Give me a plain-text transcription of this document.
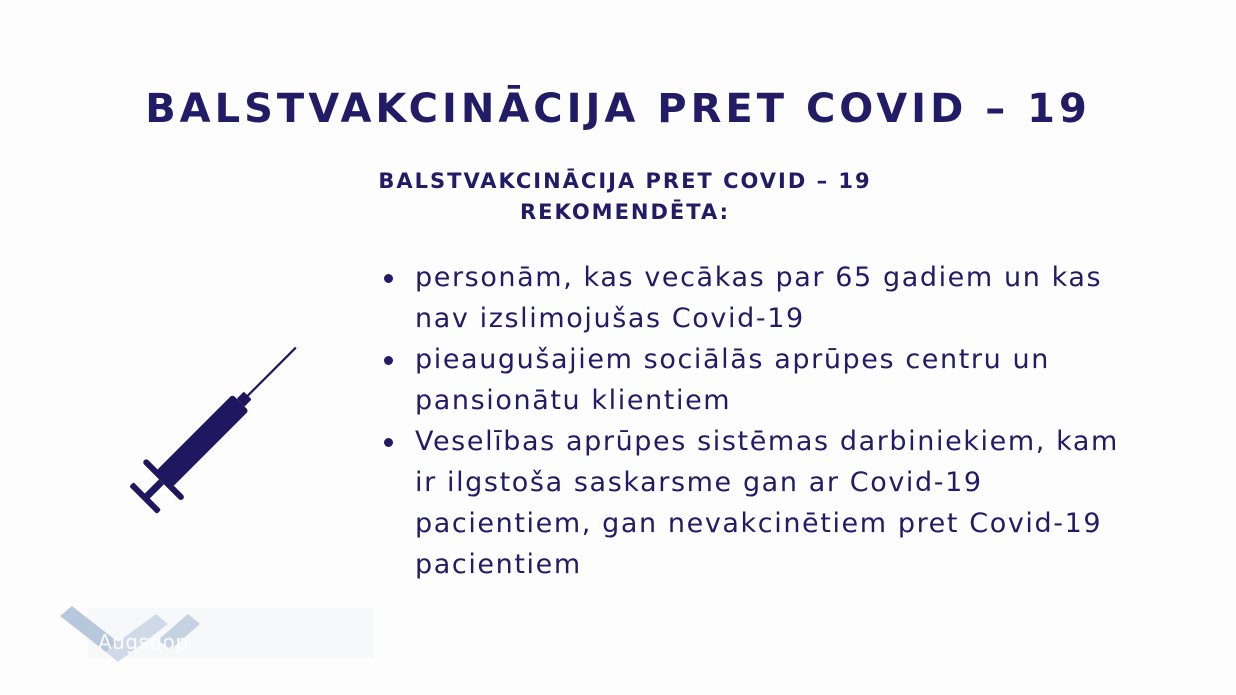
BALSTVAKCINĀCIJA PRET COVID – 19
BALSTVAKCINĀCIJA PRET COVID – 19
REKOMENDĒTA:
personām, kas vecākas par 65 gadiem un kas nav izslimojušas Covid-19
pieaugušajiem sociālās aprūpes centru un pansionātu klientiem
Veselības aprūpes sistēmas darbiniekiem, kam ir ilgstoša saskarsme gan ar Covid-19 pacientiem, gan nevakcinētiem pret Covid-19 pacientiem
Augsdop
